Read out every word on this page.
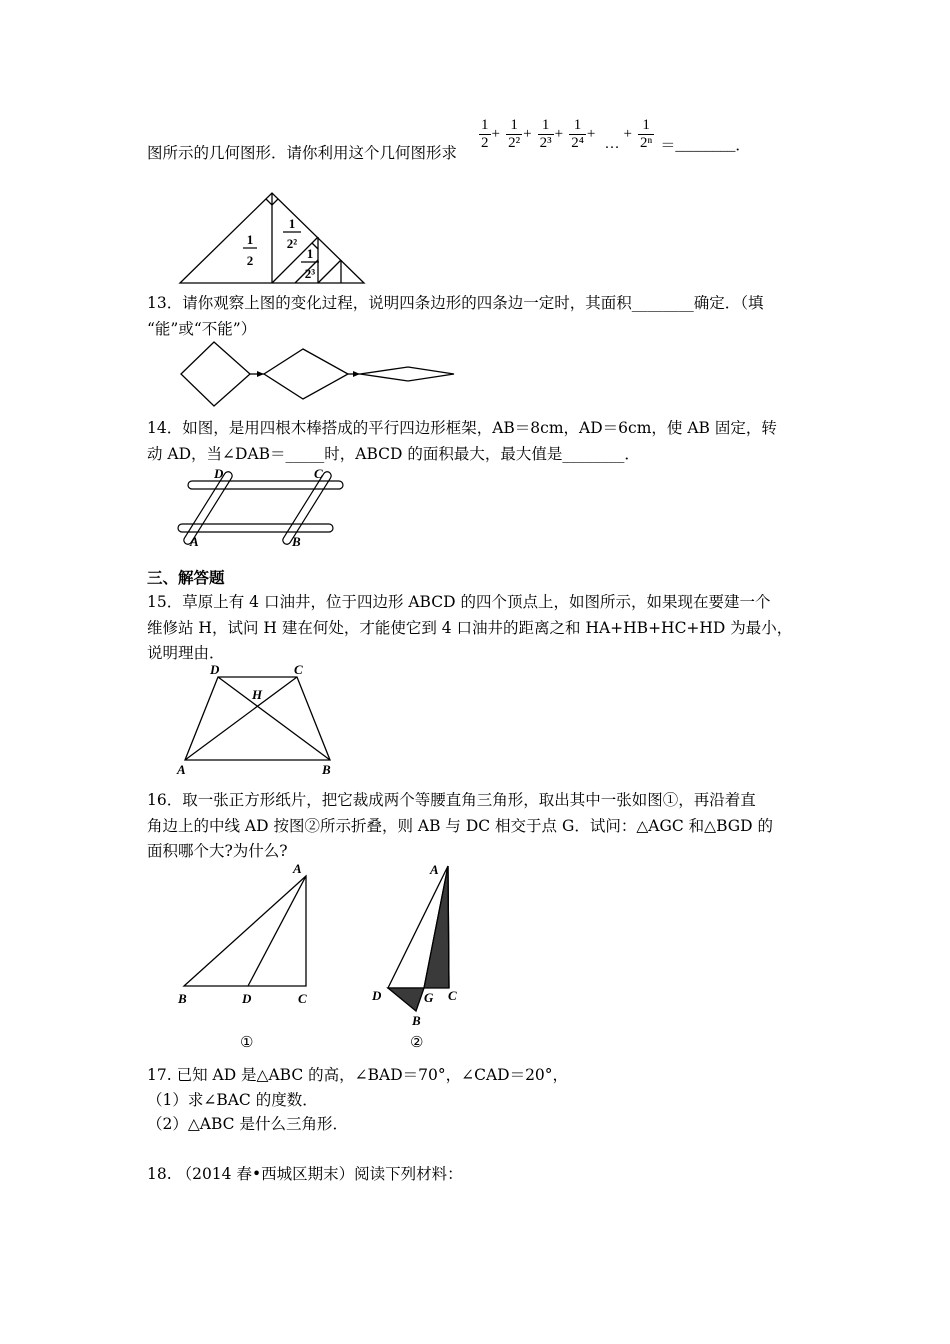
图所示的几何图形．请你利用这个几何图形求
$\frac{1}{2} + \frac{1}{\text{2²}} + \frac{1}{\text{2³}} + \frac{1}{\text{2⁴}}$ + …+ $\frac{1}{\text{2ⁿ}}$ ＝________．
1
2
1
2²
1
2³
13．请你观察上图的变化过程，说明四条边形的四条边一定时，其面积________确定．（填
“能”或“不能”）
14．如图，是用四根木棒搭成的平行四边形框架，AB＝8cm，AD＝6cm，使 AB 固定，转
动 AD，当∠DAB＝_____时，ABCD 的面积最大，最大值是________．
D	C
A	B
三、解答题
15．草原上有 4 口油井，位于四边形 ABCD 的四个顶点上，如图所示，如果现在要建一个
维修站 H，试问 H 建在何处，才能使它到 4 口油井的距离之和 HA+HB+HC+HD 为最小，
说明理由．
D	C
H
A	B
16．取一张正方形纸片，把它裁成两个等腰直角三角形，取出其中一张如图①，再沿着直
角边上的中线 AD 按图②所示折叠，则 AB 与 DC 相交于点 G．试问：△AGC 和△BGD 的
面积哪个大?为什么?
A
B	D	C
①
A
D	G C
B
②
17. 已知 AD 是△ABC 的高，∠BAD＝70°，∠CAD＝20°，
（1）求∠BAC 的度数．
（2）△ABC 是什么三角形．
18. （2014 春•西城区期末）阅读下列材料：
